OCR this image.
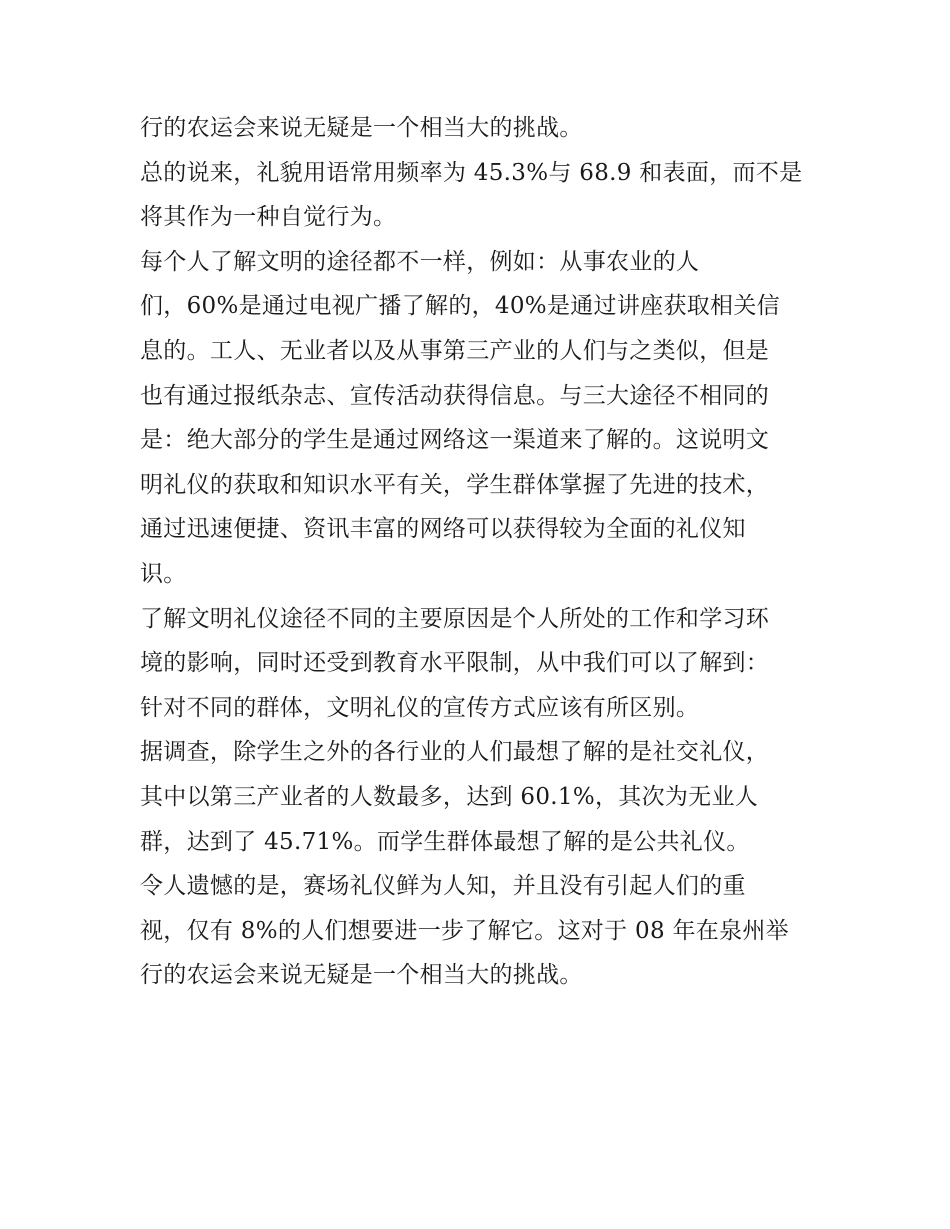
行的农运会来说无疑是一个相当大的挑战。
总的说来，礼貌用语常用频率为 45.3%与 68.9 和表面，而不是
将其作为一种自觉行为。
每个人了解文明的途径都不一样，例如：从事农业的人
们，60%是通过电视广播了解的，40%是通过讲座获取相关信
息的。工人、无业者以及从事第三产业的人们与之类似，但是
也有通过报纸杂志、宣传活动获得信息。与三大途径不相同的
是：绝大部分的学生是通过网络这一渠道来了解的。这说明文
明礼仪的获取和知识水平有关，学生群体掌握了先进的技术，
通过迅速便捷、资讯丰富的网络可以获得较为全面的礼仪知
识。
了解文明礼仪途径不同的主要原因是个人所处的工作和学习环
境的影响，同时还受到教育水平限制，从中我们可以了解到：
针对不同的群体，文明礼仪的宣传方式应该有所区别。
据调查，除学生之外的各行业的人们最想了解的是社交礼仪，
其中以第三产业者的人数最多，达到 60.1%，其次为无业人
群，达到了 45.71%。而学生群体最想了解的是公共礼仪。
令人遗憾的是，赛场礼仪鲜为人知，并且没有引起人们的重
视，仅有 8%的人们想要进一步了解它。这对于 08 年在泉州举
行的农运会来说无疑是一个相当大的挑战。
